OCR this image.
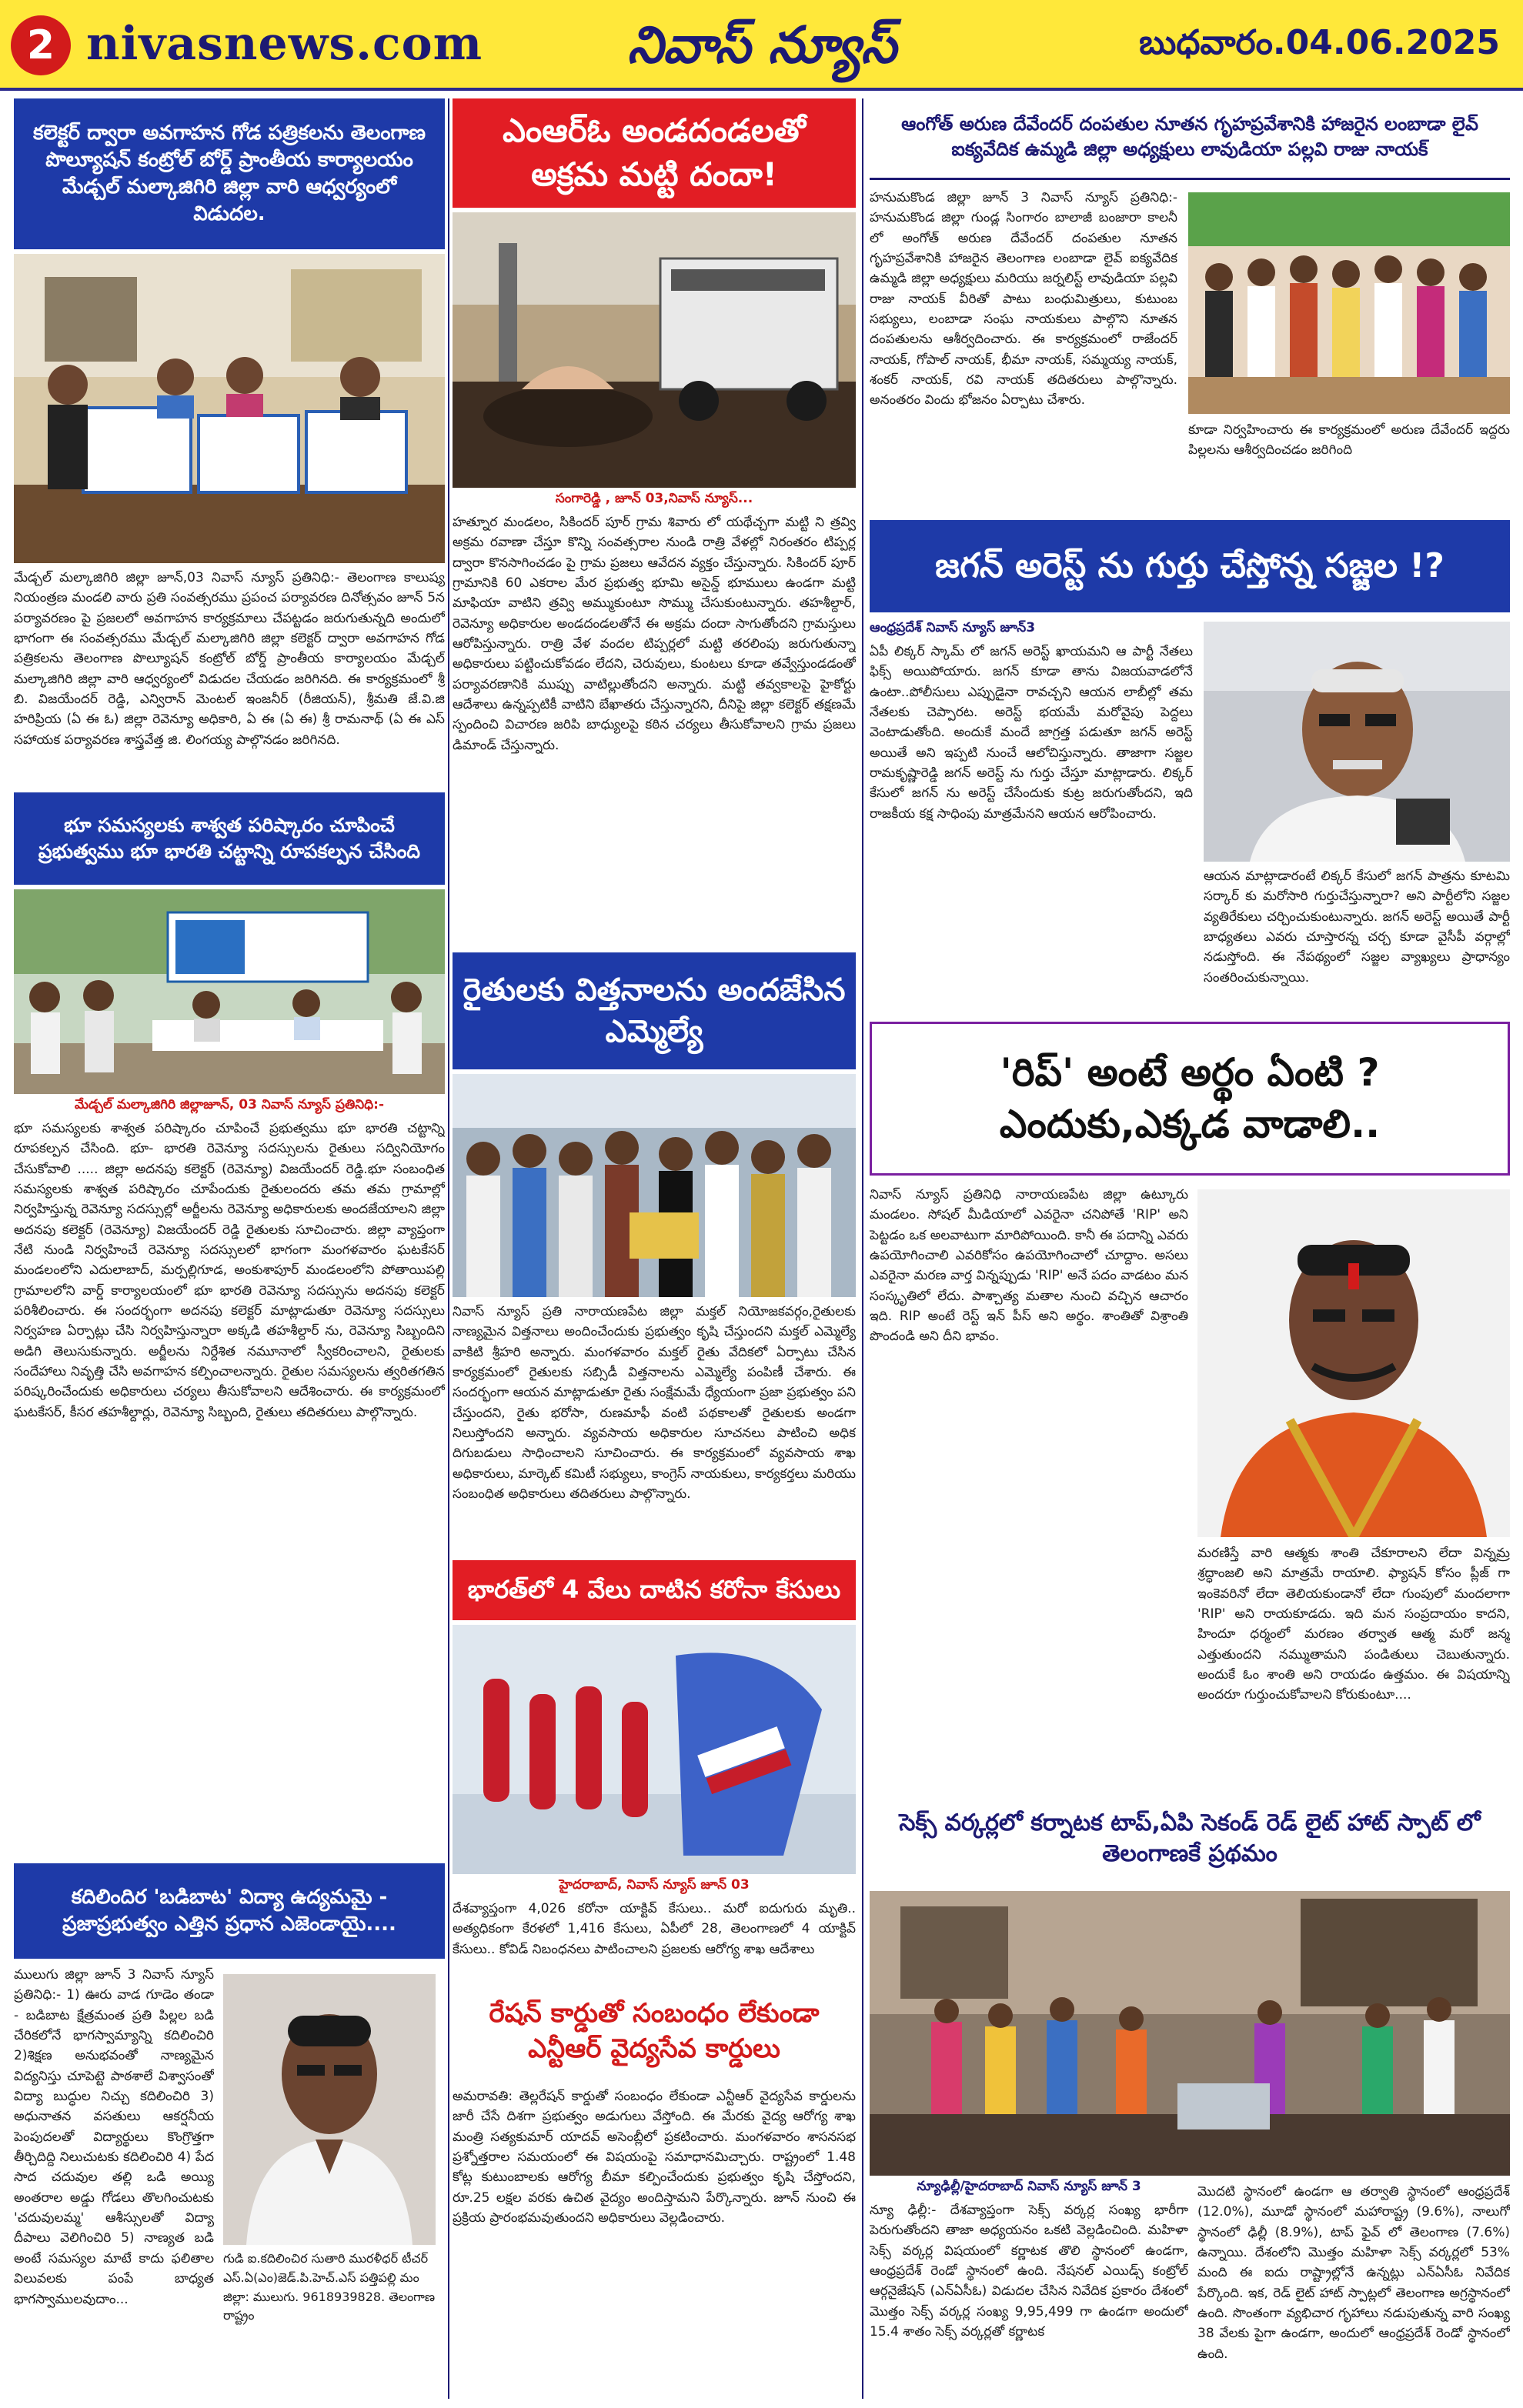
2 nivasnews.com	నివాస్ న్యూస్	బుధవారం.04.06.2025
కలెక్టర్ ద్వారా అవగాహన గోడ పత్రికలను తెలంగాణ పొల్యూషన్ కంట్రోల్ బోర్డ్ ప్రాంతీయ కార్యాలయం మేడ్చల్ మల్కాజిగిరి జిల్లా వారి ఆధ్వర్యంలో విడుదల.
మేడ్చల్ మల్కాజిగిరి జిల్లా జూన్,03 నివాస్ న్యూస్ ప్రతినిధి:- తెలంగాణ కాలుష్య నియంత్రణ మండలి వారు ప్రతి సంవత్సరము ప్రపంచ పర్యావరణ దినోత్సవం జూన్ 5న పర్యావరణం పై ప్రజలలో అవగాహన కార్యక్రమాలు చేపట్టడం జరుగుతున్నది అందులో భాగంగా ఈ సంవత్సరము మేడ్చల్ మల్కాజిగిరి జిల్లా కలెక్టర్ ద్వారా అవగాహన గోడ పత్రికలను తెలంగాణ పొల్యూషన్ కంట్రోల్ బోర్డ్ ప్రాంతీయ కార్యాలయం మేడ్చల్ మల్కాజిగిరి జిల్లా వారి ఆధ్వర్యంలో విడుదల చేయడం జరిగినది. ఈ కార్యక్రమంలో శ్రీ బి. విజయేందర్ రెడ్డి, ఎన్విరాన్ మెంటల్ ఇంజనీర్ (రీజియన్), శ్రీమతి జే.వి.జి హరిప్రియ (ఏ ఈ ఓ) జిల్లా రెవెన్యూ అధికారి, ఏ ఈ (ఏ ఈ) శ్రీ రామనాథ్ (ఏ ఈ ఎస్ సహాయక పర్యావరణ శాస్త్రవేత్త జి. లింగయ్య పాల్గొనడం జరిగినది.
భూ సమస్యలకు శాశ్వత పరిష్కారం చూపించే ప్రభుత్వము భూ భారతి చట్టాన్ని రూపకల్పన చేసింది
మేడ్చల్ మల్కాజిగిరి జిల్లాజూన్, 03 నివాస్ న్యూస్ ప్రతినిధి:-
భూ సమస్యలకు శాశ్వత పరిష్కారం చూపించే ప్రభుత్వము భూ భారతి చట్టాన్ని రూపకల్పన చేసింది. భూ- భారతి రెవెన్యూ సదస్సులను రైతులు సద్వినియోగం చేసుకోవాలి ..... జిల్లా అదనపు కలెక్టర్ (రెవెన్యూ) విజయేందర్ రెడ్డి.భూ సంబంధిత సమస్యలకు శాశ్వత పరిష్కారం చూపేందుకు రైతులందరు తమ తమ గ్రామాల్లో నిర్వహిస్తున్న రెవెన్యూ సదస్సుల్లో అర్జీలను రెవెన్యూ అధికారులకు అందజేయాలని జిల్లా అదనపు కలెక్టర్ (రెవెన్యూ) విజయేందర్ రెడ్డి రైతులకు సూచించారు. జిల్లా వ్యాప్తంగా నేటి నుండి నిర్వహించే రెవెన్యూ సదస్సులలో భాగంగా మంగళవారం ఘటకేసర్ మండలంలోని ఎదులాబాద్, మర్పల్లిగూడ, అంకుశాపూర్ మండలంలోని పోతాయిపల్లి గ్రామాలలోని వార్డ్ కార్యాలయంలో భూ భారతి రెవెన్యూ సదస్సును అదనపు కలెక్టర్ పరిశీలించారు. ఈ సందర్భంగా అదనపు కలెక్టర్ మాట్లాడుతూ రెవెన్యూ సదస్సులు నిర్వహణ ఏర్పాట్లు చేసి నిర్వహిస్తున్నారా అక్కడి తహశీల్దార్ ను, రెవెన్యూ సిబ్బందిని అడిగి తెలుసుకున్నారు. అర్జీలను నిర్దేశిత నమూనాలో స్వీకరించాలని, రైతులకు సందేహాలు నివృత్తి చేసి అవగాహన కల్పించాలన్నారు. రైతుల సమస్యలను త్వరితగతిన పరిష్కరించేందుకు అధికారులు చర్యలు తీసుకోవాలని ఆదేశించారు. ఈ కార్యక్రమంలో ఘటకేసర్, కీసర తహశీల్దార్లు, రెవెన్యూ సిబ్బంది, రైతులు తదితరులు పాల్గొన్నారు.
కదిలిందిర 'బడిబాట' విద్యా ఉద్యమమై - ప్రజాప్రభుత్వం ఎత్తిన ప్రధాన ఎజెండాయై....
ములుగు జిల్లా జూన్ 3 నివాస్ న్యూస్ ప్రతినిధి:- 1) ఊరు వాడ గూడెం తండా - బడిబాట క్షేత్రమంత ప్రతి పిల్లల బడి చేరికలోనే భాగస్వామ్యాన్ని కదిలించిరి 2)శిక్షణ అనుభవంతో నాణ్యమైన విద్యనిస్తు చూపెట్టె పాఠశాలే విశ్వాసంతో విద్యా బుద్ధుల నిచ్చు కదిలించిరి 3) అధునాతన వసతులు ఆకర్షనీయ పెంపుదలతో విద్యార్థులు కొంగ్రొత్తగా తీర్చిదిద్ది నిలుచుటకు కదిలించిరి 4) పేద సాద చదువుల తల్లి ఒడి అయ్యి అంతరాల అడ్డు గోడలు తొలగించుటకు 'చదువులమ్మ' ఆశీస్సులతో విద్యా దీపాలు వెలిగించిరి 5) నాణ్యత బడి అంటే సమస్యల మాటే కాదు ఫలితాల విలువలకు పంపే బాధ్యత భాగస్వాములవుదాం...
గుడి ఐ.కదిలించిర సుతారి మురళీధర్ టీచర్ ఎస్.ఏ(ఎం)జెడ్.పి.హెచ్.ఎస్ పత్తిపల్లి మం జిల్లా: ములుగు. 9618939828. తెలంగాణ రాష్ట్రం
ఎంఆర్ఓ అండదండలతో అక్రమ మట్టి దందా!
సంగారెడ్డి , జూన్ 03,నివాస్ న్యూస్...
హత్నూర మండలం, సికిందర్ పూర్ గ్రామ శివారు లో యథేచ్చగా మట్టి ని త్రవ్వి అక్రమ రవాణా చేస్తూ కొన్ని సంవత్సరాల నుండి రాత్రి వేళల్లో నిరంతరం టిప్పర్ల ద్వారా కొనసాగించడం పై గ్రామ ప్రజలు ఆవేదన వ్యక్తం చేస్తున్నారు. సికిందర్ పూర్ గ్రామానికి 60 ఎకరాల మేర ప్రభుత్వ భూమి అసైన్డ్ భూములు ఉండగా మట్టి మాఫియా వాటిని త్రవ్వి అమ్ముకుంటూ సొమ్ము చేసుకుంటున్నారు. తహశీల్దార్, రెవెన్యూ అధికారుల అండదండలతోనే ఈ అక్రమ దందా సాగుతోందని గ్రామస్తులు ఆరోపిస్తున్నారు. రాత్రి వేళ వందల టిప్పర్లలో మట్టి తరలింపు జరుగుతున్నా అధికారులు పట్టించుకోవడం లేదని, చెరువులు, కుంటలు కూడా తవ్వేస్తుండడంతో పర్యావరణానికి ముప్పు వాటిల్లుతోందని అన్నారు. మట్టి తవ్వకాలపై హైకోర్టు ఆదేశాలు ఉన్నప్పటికీ వాటిని బేఖాతరు చేస్తున్నారని, దీనిపై జిల్లా కలెక్టర్ తక్షణమే స్పందించి విచారణ జరిపి బాధ్యులపై కఠిన చర్యలు తీసుకోవాలని గ్రామ ప్రజలు డిమాండ్ చేస్తున్నారు.
రైతులకు విత్తనాలను అందజేసిన ఎమ్మెల్యే
నివాస్ న్యూస్ ప్రతి నారాయణపేట జిల్లా మక్తల్ నియోజకవర్గం,రైతులకు నాణ్యమైన విత్తనాలు అందించేందుకు ప్రభుత్వం కృషి చేస్తుందని మక్తల్ ఎమ్మెల్యే వాకిటి శ్రీహరి అన్నారు. మంగళవారం మక్తల్ రైతు వేదికలో ఏర్పాటు చేసిన కార్యక్రమంలో రైతులకు సబ్సిడీ విత్తనాలను ఎమ్మెల్యే పంపిణీ చేశారు. ఈ సందర్భంగా ఆయన మాట్లాడుతూ రైతు సంక్షేమమే ధ్యేయంగా ప్రజా ప్రభుత్వం పని చేస్తుందని, రైతు భరోసా, రుణమాఫీ వంటి పథకాలతో రైతులకు అండగా నిలుస్తోందని అన్నారు. వ్యవసాయ అధికారుల సూచనలు పాటించి అధిక దిగుబడులు సాధించాలని సూచించారు. ఈ కార్యక్రమంలో వ్యవసాయ శాఖ అధికారులు, మార్కెట్ కమిటీ సభ్యులు, కాంగ్రెస్ నాయకులు, కార్యకర్తలు మరియు సంబంధిత అధికారులు తదితరులు పాల్గొన్నారు.
భారత్‌లో 4 వేలు దాటిన కరోనా కేసులు
హైదరాబాద్, నివాస్ న్యూస్ జూన్ 03
దేశవ్యాప్తంగా 4,026 కరోనా యాక్టివ్ కేసులు.. మరో ఐదుగురు మృతి.. అత్యధికంగా కేరళలో 1,416 కేసులు, ఏపీలో 28, తెలంగాణలో 4 యాక్టివ్ కేసులు.. కోవిడ్ నిబంధనలు పాటించాలని ప్రజలకు ఆరోగ్య శాఖ ఆదేశాలు
రేషన్ కార్డుతో సంబంధం లేకుండా ఎన్టీఆర్ వైద్యసేవ కార్డులు
అమరావతి: తెల్లరేషన్ కార్డుతో సంబంధం లేకుండా ఎన్టీఆర్ వైద్యసేవ కార్డులను జారీ చేసే దిశగా ప్రభుత్వం అడుగులు వేస్తోంది. ఈ మేరకు వైద్య ఆరోగ్య శాఖ మంత్రి సత్యకుమార్ యాదవ్ అసెంబ్లీలో ప్రకటించారు. మంగళవారం శాసనసభ ప్రశ్నోత్తరాల సమయంలో ఈ విషయంపై సమాధానమిచ్చారు. రాష్ట్రంలో 1.48 కోట్ల కుటుంబాలకు ఆరోగ్య బీమా కల్పించేందుకు ప్రభుత్వం కృషి చేస్తోందని, రూ.25 లక్షల వరకు ఉచిత వైద్యం అందిస్తామని పేర్కొన్నారు. జూన్ నుంచి ఈ ప్రక్రియ ప్రారంభమవుతుందని అధికారులు వెల్లడించారు.
ఆంగోత్ అరుణ దేవేందర్ దంపతుల నూతన గృహప్రవేశానికి హాజరైన లంబాడా లైవ్ ఐక్యవేదిక ఉమ్మడి జిల్లా అధ్యక్షులు లావుడియా పల్లవి రాజు నాయక్
హనుమకొండ జిల్లా జూన్ 3 నివాస్ న్యూస్ ప్రతినిధి:- హనుమకొండ జిల్లా గుండ్ల సింగారం బాలాజీ బంజారా కాలనీ లో అంగోత్ అరుణ దేవేందర్ దంపతుల నూతన గృహప్రవేశానికి హాజరైన తెలంగాణ లంబాడా లైవ్ ఐక్యవేదిక ఉమ్మడి జిల్లా అధ్యక్షులు మరియు జర్నలిస్ట్ లావుడియా పల్లవి రాజు నాయక్ వీరితో పాటు బంధుమిత్రులు, కుటుంబ సభ్యులు, లంబాడా సంఘ నాయకులు పాల్గొని నూతన దంపతులను ఆశీర్వదించారు. ఈ కార్యక్రమంలో రాజేందర్ నాయక్, గోపాల్ నాయక్, భీమా నాయక్, సమ్మయ్య నాయక్, శంకర్ నాయక్, రవి నాయక్ తదితరులు పాల్గొన్నారు. అనంతరం విందు భోజనం ఏర్పాటు చేశారు.
కూడా నిర్వహించారు ఈ కార్యక్రమంలో అరుణ దేవేందర్ ఇద్దరు పిల్లలను ఆశీర్వదించడం జరిగింది
జగన్ అరెస్ట్ ను గుర్తు చేస్తోన్న సజ్జల !?
ఆంధ్రప్రదేశ్ నివాస్ న్యూస్ జూన్3
ఏపీ లిక్కర్ స్కామ్ లో జగన్ అరెస్ట్ ఖాయమని ఆ పార్టీ నేతలు ఫిక్స్ అయిపోయారు. జగన్ కూడా తాను విజయవాడలోనే ఉంటా..పోలీసులు ఎప్పుడైనా రావచ్చని ఆయన లాబీల్లో తమ నేతలకు చెప్పారట. అరెస్ట్ భయమే మరోవైపు పెద్దలు వెంటాడుతోంది. అందుకే మందే జాగ్రత్త పడుతూ జగన్ అరెస్ట్ అయితే అని ఇప్పటి నుంచే ఆలోచిస్తున్నారు. తాజాగా సజ్జల రామకృష్ణారెడ్డి జగన్ అరెస్ట్ ను గుర్తు చేస్తూ మాట్లాడారు. లిక్కర్ కేసులో జగన్ ను అరెస్ట్ చేసేందుకు కుట్ర జరుగుతోందని, ఇది రాజకీయ కక్ష సాధింపు మాత్రమేనని ఆయన ఆరోపించారు.
ఆయన మాట్లాడారంటే లిక్కర్ కేసులో జగన్ పాత్రను కూటమి సర్కార్ కు మరోసారి గుర్తుచేస్తున్నారా? అని పార్టీలోని సజ్జల వ్యతిరేకులు చర్చించుకుంటున్నారు. జగన్ అరెస్ట్ అయితే పార్టీ బాధ్యతలు ఎవరు చూస్తారన్న చర్చ కూడా వైసీపీ వర్గాల్లో నడుస్తోంది. ఈ నేపథ్యంలో సజ్జల వ్యాఖ్యలు ప్రాధాన్యం సంతరించుకున్నాయి.
'రిప్' అంటే అర్థం ఏంటి ? ఎందుకు,ఎక్కడ వాడాలి..
నివాస్ న్యూస్ ప్రతినిధి నారాయణపేట జిల్లా ఉట్కూరు మండలం. సోషల్ మీడియాలో ఎవరైనా చనిపోతే 'RIP' అని పెట్టడం ఒక అలవాటుగా మారిపోయింది. కానీ ఈ పదాన్ని ఎవరు ఉపయోగించాలి ఎవరికోసం ఉపయోగించాలో చూద్దాం. అసలు ఎవరైనా మరణ వార్త విన్నప్పుడు 'RIP' అనే పదం వాడటం మన సంస్కృతిలో లేదు. పాశ్చాత్య మతాల నుంచి వచ్చిన ఆచారం ఇది. RIP అంటే రెస్ట్ ఇన్ పీస్ అని అర్థం. శాంతితో విశ్రాంతి పొందండి అని దీని భావం.
మరణిస్తే వారి ఆత్మకు శాంతి చేకూరాలని లేదా విన్నమ్ర శ్రద్ధాంజలి అని మాత్రమే రాయాలి. ఫ్యాషన్ కోసం ప్లీజ్ గా ఇంకెవరినో లేదా తెలియకుండానో లేదా గుంపులో మందలాగా 'RIP' అని రాయకూడదు. ఇది మన సంప్రదాయం కాదని, హిందూ ధర్మంలో మరణం తర్వాత ఆత్మ మరో జన్మ ఎత్తుతుందని నమ్ముతామని పండితులు చెబుతున్నారు. అందుకే ఓం శాంతి అని రాయడం ఉత్తమం. ఈ విషయాన్ని అందరూ గుర్తుంచుకోవాలని కోరుకుంటూ....
సెక్స్ వర్కర్లలో కర్నాటక టాప్,ఏపి సెకండ్ రెడ్ లైట్ హాట్ స్పాట్ లో తెలంగాణకే ప్రథమం
న్యూఢిల్లీ/హైదరాబాద్ నివాస్ న్యూస్ జూన్ 3
న్యూ ఢిల్లీ:- దేశవ్యాప్తంగా సెక్స్ వర్కర్ల సంఖ్య భారీగా పెరుగుతోందని తాజా అధ్యయనం ఒకటి వెల్లడించింది. మహిళా సెక్స్ వర్కర్ల విషయంలో కర్ణాటక తొలి స్థానంలో ఉండగా, ఆంధ్రప్రదేశ్ రెండో స్థానంలో ఉంది. నేషనల్ ఎయిడ్స్ కంట్రోల్ ఆర్గనైజేషన్ (ఎన్ఏసీఓ) విడుదల చేసిన నివేదిక ప్రకారం దేశంలో మొత్తం సెక్స్ వర్కర్ల సంఖ్య 9,95,499 గా ఉండగా అందులో 15.4 శాతం సెక్స్ వర్కర్లతో కర్ణాటక
మొదటి స్థానంలో ఉండగా ఆ తర్వాతి స్థానంలో ఆంధ్రప్రదేశ్ (12.0%), మూడో స్థానంలో మహారాష్ట్ర (9.6%), నాలుగో స్థానంలో ఢిల్లీ (8.9%), టాప్ ఫైవ్ లో తెలంగాణ (7.6%) ఉన్నాయి. దేశంలోని మొత్తం మహిళా సెక్స్ వర్కర్లలో 53% మంది ఈ ఐదు రాష్ట్రాల్లోనే ఉన్నట్లు ఎన్ఏసీఓ నివేదిక పేర్కొంది. ఇక, రెడ్ లైట్ హాట్ స్పాట్లలో తెలంగాణ అగ్రస్థానంలో ఉంది. సొంతంగా వ్యభిచార గృహాలు నడుపుతున్న వారి సంఖ్య 38 వేలకు పైగా ఉండగా, అందులో ఆంధ్రప్రదేశ్ రెండో స్థానంలో ఉంది.
